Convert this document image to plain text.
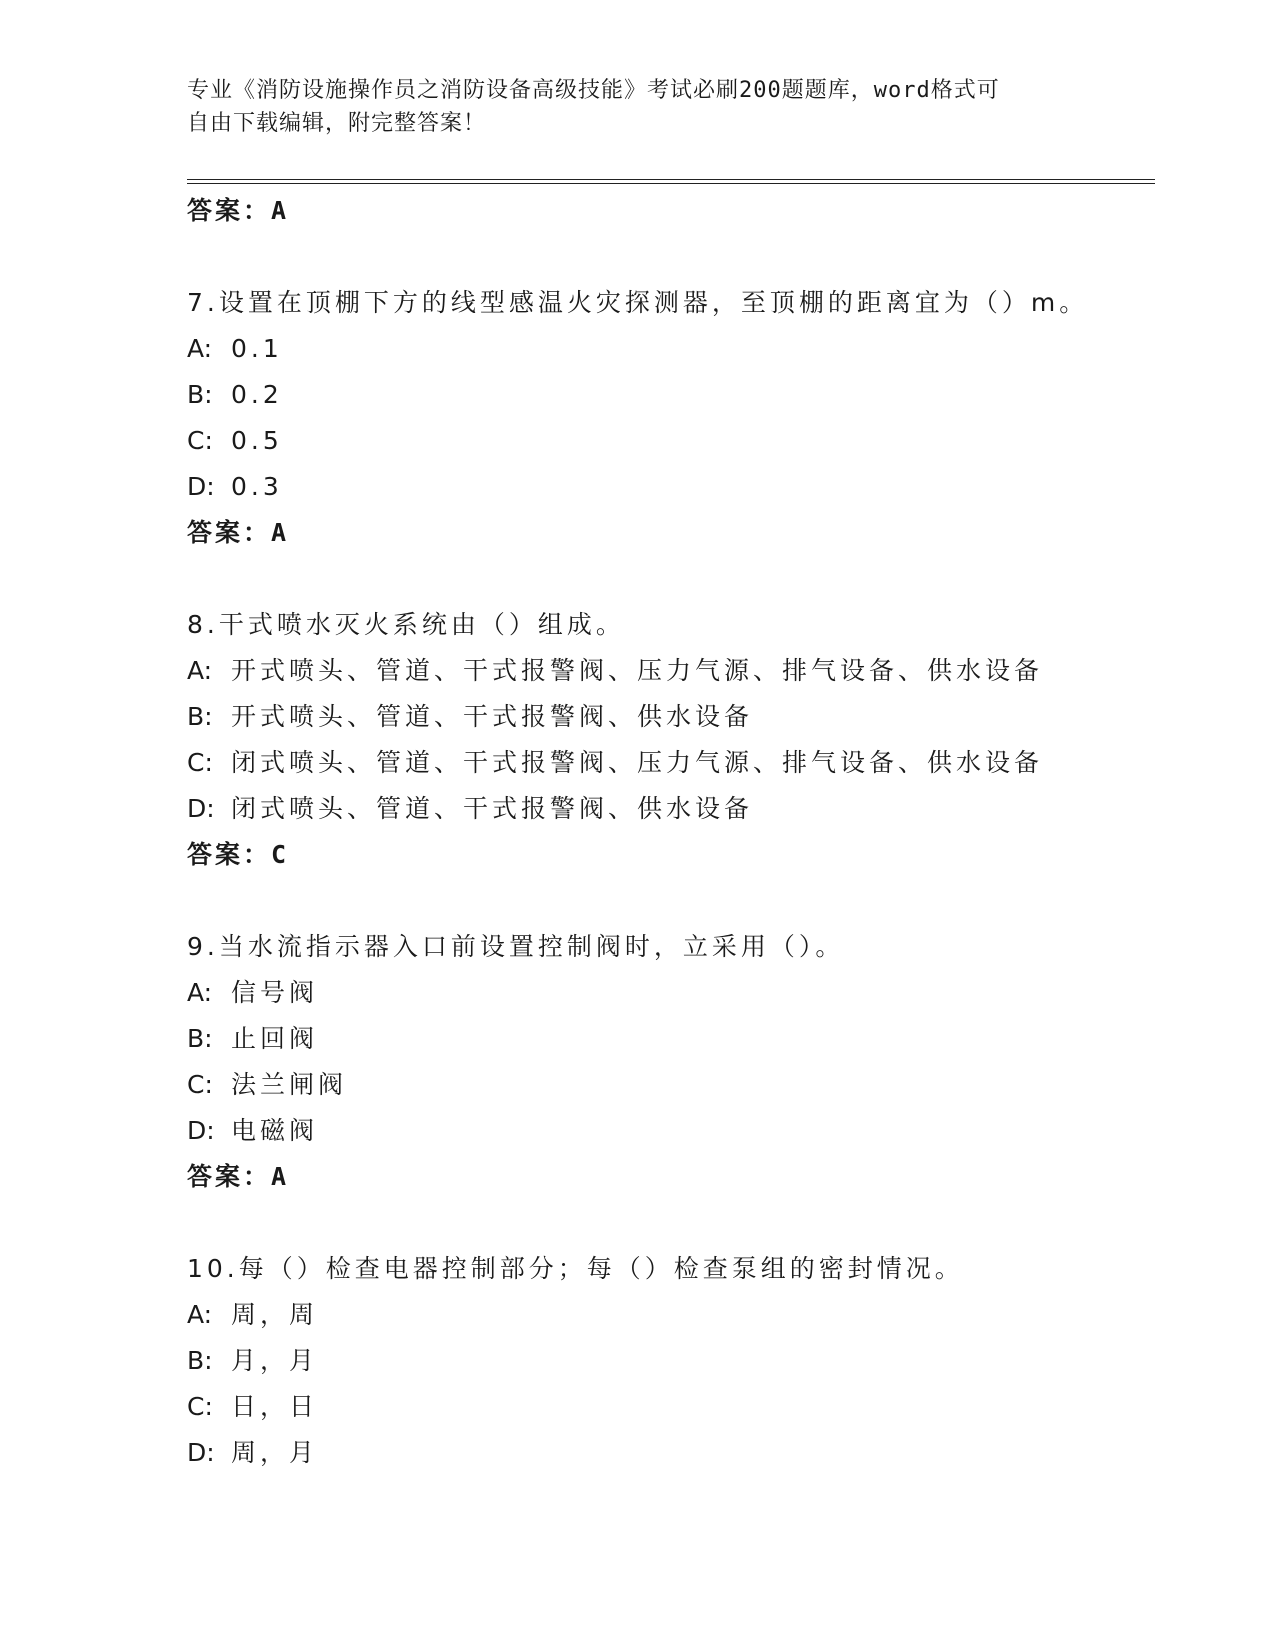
专业《消防设施操作员之消防设备高级技能》考试必刷200题题库，word格式可
自由下载编辑，附完整答案！
答案：A
7.设置在顶棚下方的线型感温火灾探测器，至顶棚的距离宜为（）m。
A: 0.1
B: 0.2
C: 0.5
D: 0.3
答案：A
8.干式喷水灭火系统由（）组成。
A: 开式喷头、管道、干式报警阀、压力气源、排气设备、供水设备
B: 开式喷头、管道、干式报警阀、供水设备
C: 闭式喷头、管道、干式报警阀、压力气源、排气设备、供水设备
D: 闭式喷头、管道、干式报警阀、供水设备
答案：C
9.当水流指示器入口前设置控制阀时，立采用（）。
A: 信号阀
B: 止回阀
C: 法兰闸阀
D: 电磁阀
答案：A
10.每（）检查电器控制部分；每（）检查泵组的密封情况。
A: 周，周
B: 月，月
C: 日，日
D: 周，月
